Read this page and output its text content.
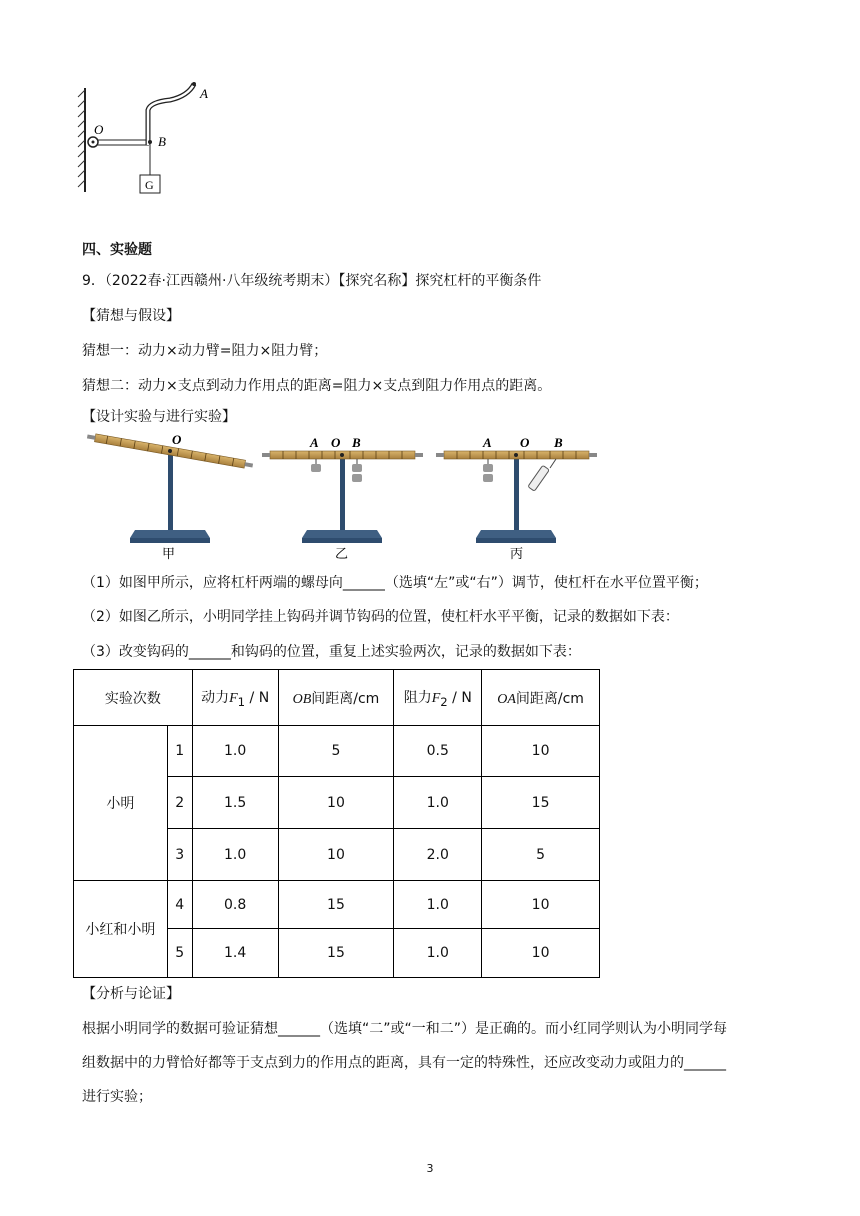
O
B
A
G
四、实验题
9．（2022春·江西赣州·八年级统考期末）【探究名称】探究杠杆的平衡条件
【猜想与假设】
猜想一：动力×动力臂=阻力×阻力臂；
猜想二：动力×支点到动力作用点的距离=阻力×支点到阻力作用点的距离。
【设计实验与进行实验】
O
甲
A O B
乙
A O B
丙
（1）如图甲所示，应将杠杆两端的螺母向______（选填“左”或“右”）调节，使杠杆在水平位置平衡；
（2）如图乙所示，小明同学挂上钩码并调节钩码的位置，使杠杆水平平衡，记录的数据如下表：
（3）改变钩码的______和钩码的位置，重复上述实验两次，记录的数据如下表：
实验次数		动力$F_1$ / N	OB间距离/cm	阻力$F_2$ / N	OA间距离/cm
小明	1	1.0	5	0.5	10
	2	1.5	10	1.0	15
	3	1.0	10	2.0	5
小红和小明	4	0.8	15	1.0	10
	5	1.4	15	1.0	10
【分析与论证】
根据小明同学的数据可验证猜想______（选填“二”或“一和二”）是正确的。而小红同学则认为小明同学每
组数据中的力臂恰好都等于支点到力的作用点的距离，具有一定的特殊性，还应改变动力或阻力的______
进行实验；
3
